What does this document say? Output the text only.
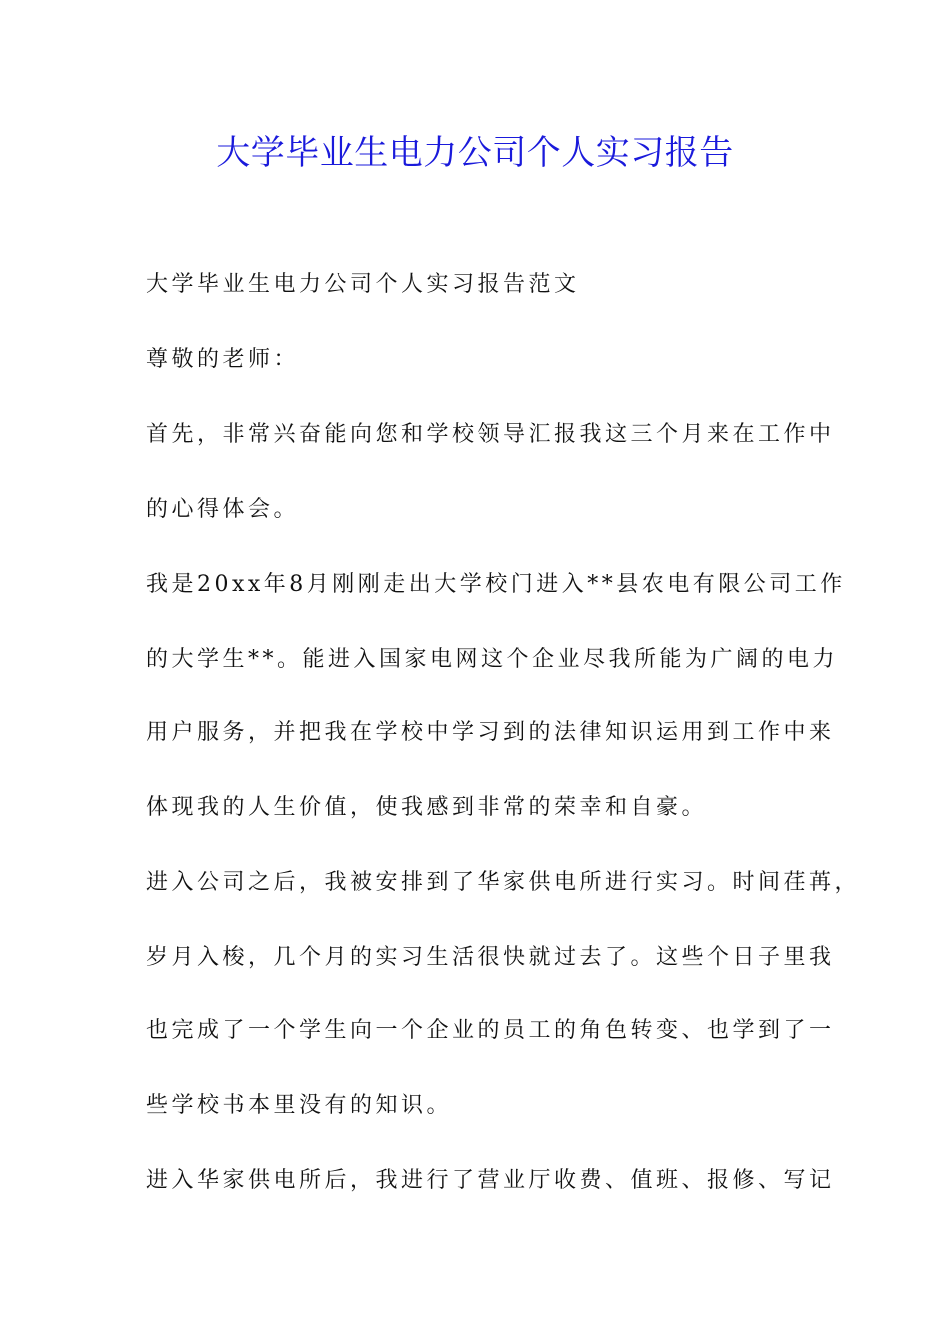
大学毕业生电力公司个人实习报告

大学毕业生电力公司个人实习报告范文

尊敬的老师：

首先，非常兴奋能向您和学校领导汇报我这三个月来在工作中

的心得体会。

我是20xx年8月刚刚走出大学校门进入**县农电有限公司工作

的大学生**。能进入国家电网这个企业尽我所能为广阔的电力

用户服务，并把我在学校中学习到的法律知识运用到工作中来

体现我的人生价值，使我感到非常的荣幸和自豪。

进入公司之后，我被安排到了华家供电所进行实习。时间荏苒，

岁月入梭，几个月的实习生活很快就过去了。这些个日子里我

也完成了一个学生向一个企业的员工的角色转变、也学到了一

些学校书本里没有的知识。

进入华家供电所后，我进行了营业厅收费、值班、报修、写记
